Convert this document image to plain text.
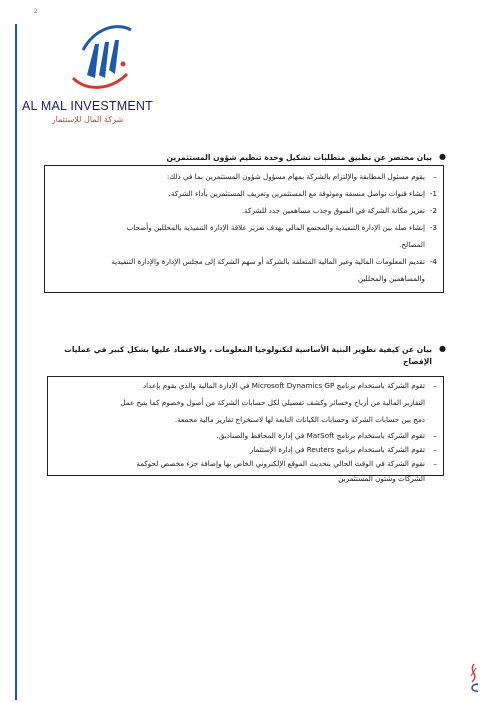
2
AL MAL INVESTMENT
شركة المال للإستثمار
●
بيان مختصر عن تطبيق متطلبات تشكيل وحدة تنظيم شؤون المستثمرين
–
يقوم مسئول المطابقة والإلتزام بالشركة بمهام مسؤول شؤون المستثمرين بما في ذلك:
1-
إنشاء قنوات تواصل منسقة وموثوقة مع المستثمرين وتعريف المستثمرين بأداء الشركة.
2-
تعزيز مكانة الشركة في السوق وجذب مساهمين جدد للشركة.
3-
إنشاء صلة بين الإدارة التنفيذية والمجتمع المالي بهدف تعزيز علاقة الإدارة التنفيذية بالمحللين وأصحاب
المصالح.
4-
تقديم المعلومات المالية وغير المالية المتعلقة بالشركة أو سهم الشركة إلى مجلس الإدارة والإدارة التنفيذية
والمساهمين والمحللين
●
بيان عن كيفية تطوير البنية الأساسية لتكنولوجيا المعلومات ، والاعتماد عليها بشكل كبير في عمليات
الإفصاح
–
تقوم الشركة باستخدام برنامج Microsoft Dynamics GP في الإدارة المالية والذي يقوم بإعداد
التقارير المالية من أرباح وخسائر وكشف تفصيلي لكل حسابات الشركة من أصول وخصوم كما يتيح عمل
دمج بين حسابات الشركة وحسابات الكيانات التابعة لها لاستخراج تقارير مالية مجمعة.
–
تقوم الشركة باستخدام برنامج MarSoft في إدارة المحافظ والصناديق.
–
تقوم الشركة باستخدام برنامج Reuters في إدارة الإستثمار
–
تقوم الشركة في الوقت الحالي بتحديث الموقع الإلكتروني الخاص بها وإضافة جزء مخصص لحوكمة
الشركات وشئون المستثمرين
